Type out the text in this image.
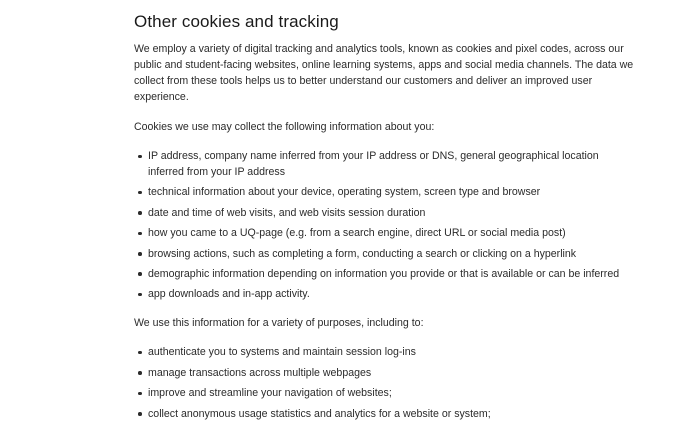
Other cookies and tracking

We employ a variety of digital tracking and analytics tools, known as cookies and pixel codes, across our public and student-facing websites, online learning systems, apps and social media channels. The data we collect from these tools helps us to better understand our customers and deliver an improved user experience.

Cookies we use may collect the following information about you:

IP address, company name inferred from your IP address or DNS, general geographical location inferred from your IP address
technical information about your device, operating system, screen type and browser
date and time of web visits, and web visits session duration
how you came to a UQ-page (e.g. from a search engine, direct URL or social media post)
browsing actions, such as completing a form, conducting a search or clicking on a hyperlink
demographic information depending on information you provide or that is available or can be inferred
app downloads and in-app activity.

We use this information for a variety of purposes, including to:

authenticate you to systems and maintain session log-ins
manage transactions across multiple webpages
improve and streamline your navigation of websites;
collect anonymous usage statistics and analytics for a website or system;
